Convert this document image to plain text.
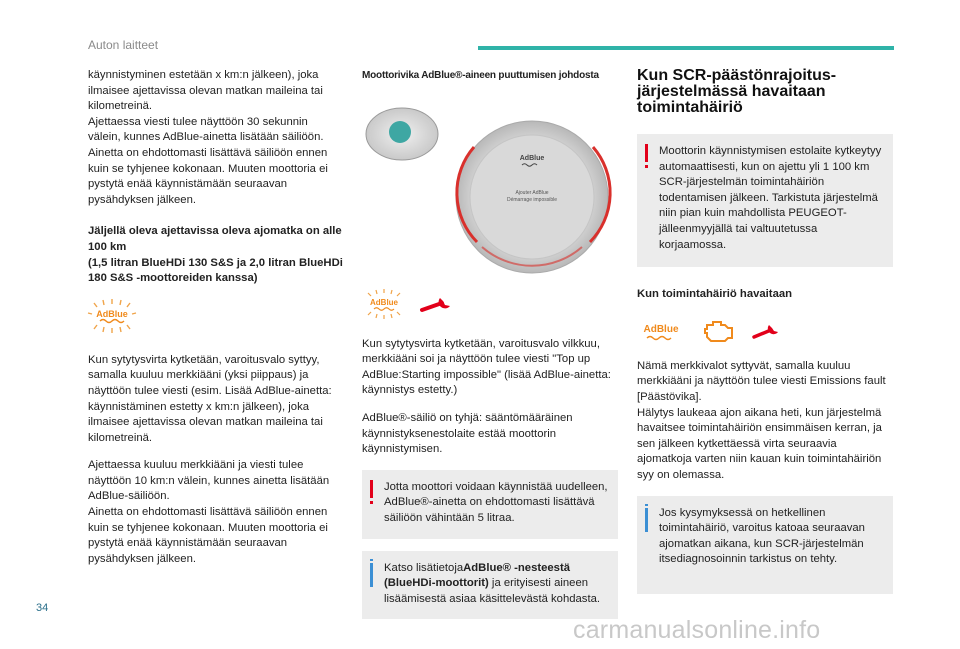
Auton laitteet

käynnistyminen estetään x km:n jälkeen), joka ilmaisee ajettavissa olevan matkan maileina tai kilometreinä.
Ajettaessa viesti tulee näyttöön 30 sekunnin välein, kunnes AdBlue-ainetta lisätään säiliöön. Ainetta on ehdottomasti lisättävä säiliöön ennen kuin se tyhjenee kokonaan. Muuten moottoria ei pystytä enää käynnistämään seuraavan pysähdyksen jälkeen.

Jäljellä oleva ajettavissa oleva ajomatka on alle 100 km
(1,5 litran BlueHDi 130 S&S ja 2,0 litran BlueHDi 180 S&S -moottoreiden kanssa)

AdBlue

Kun sytytysvirta kytketään, varoitusvalo syttyy, samalla kuuluu merkkiääni (yksi piippaus) ja näyttöön tulee viesti (esim. Lisää AdBlue-ainetta: käynnistäminen estetty x km:n jälkeen), joka ilmaisee ajettavissa olevan matkan maileina tai kilometreinä.

Ajettaessa kuuluu merkkiääni ja viesti tulee näyttöön 10 km:n välein, kunnes ainetta lisätään AdBlue-säiliöön.
Ainetta on ehdottomasti lisättävä säiliöön ennen kuin se tyhjenee kokonaan. Muuten moottoria ei pystytä enää käynnistämään seuraavan pysähdyksen jälkeen.

Moottorivika AdBlue®-aineen puuttumisen johdosta
AdBlue
Ajouter AdBlue
Démarrage impossible
AdBlue

Kun sytytysvirta kytketään, varoitusvalo vilkkuu, merkkiääni soi ja näyttöön tulee viesti "Top up AdBlue:Starting impossible" (lisää AdBlue-ainetta: käynnistys estetty.)

AdBlue®-säiliö on tyhjä: sääntömääräinen käynnistyksenestolaite estää moottorin käynnistymisen.

Jotta moottori voidaan käynnistää uudelleen, AdBlue®-ainetta on ehdottomasti lisättävä säiliöön vähintään 5 litraa.
Katso lisätietojaAdBlue® -nesteestä (BlueHDi-moottorit) ja erityisesti aineen lisäämisestä asiaa käsittelevästä kohdasta.
Kun SCR-päästönrajoitus-järjestelmässä havaitaan toimintahäiriö
Moottorin käynnistymisen estolaite kytkeytyy automaattisesti, kun on ajettu yli 1 100 km SCR-järjestelmän toimintahäiriön todentamisen jälkeen. Tarkistuta järjestelmä niin pian kuin mahdollista PEUGEOT-jälleenmyyjällä tai valtuutetussa korjaamossa.
Kun toimintahäiriö havaitaan
AdBlue

Nämä merkkivalot syttyvät, samalla kuuluu merkkiääni ja näyttöön tulee viesti Emissions fault [Päästövika].
Hälytys laukeaa ajon aikana heti, kun järjestelmä havaitsee toimintahäiriön ensimmäisen kerran, ja sen jälkeen kytkettäessä virta seuraavia ajomatkoja varten niin kauan kuin toimintahäiriön syy on olemassa.

Jos kysymyksessä on hetkellinen toimintahäiriö, varoitus katoaa seuraavan ajomatkan aikana, kun SCR-järjestelmän itsediagnosoinnin tarkistus on tehty.
34
carmanualsonline.info
